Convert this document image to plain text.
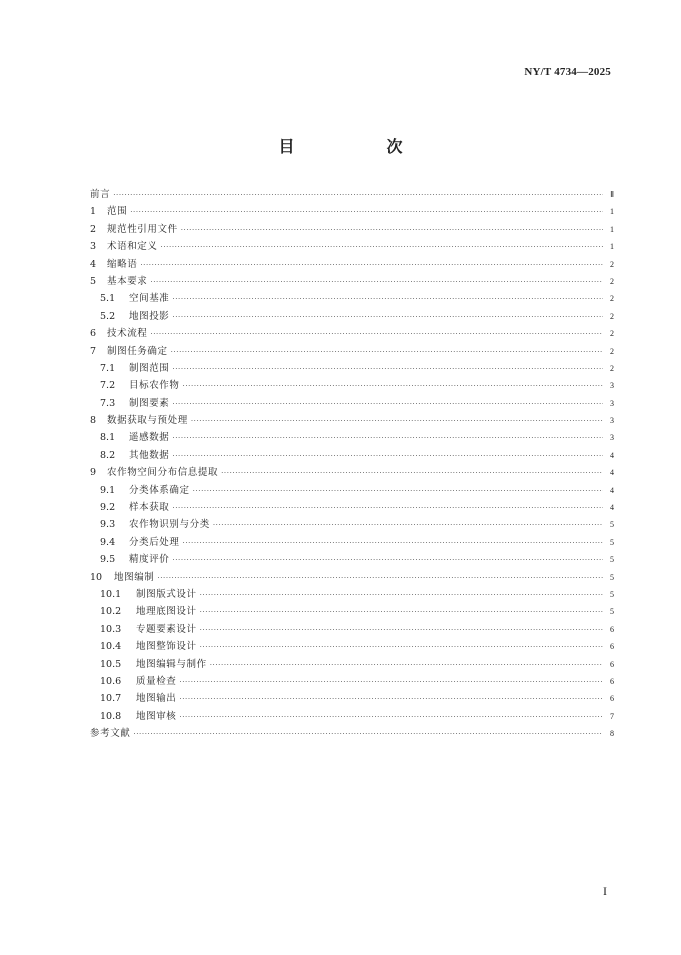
NY/T 4734—2025
目　次
前言 ·····	Ⅱ
1	范围 ·····	1
2	规范性引用文件 ·····	1
3	术语和定义 ·····	1
4	缩略语 ·····	2
5	基本要求 ·····	2
5.1	空间基准 ·····	2
5.2	地图投影 ·····	2
6	技术流程 ·····	2
7	制图任务确定 ·····	2
7.1	制图范围 ·····	2
7.2	目标农作物 ·····	3
7.3	制图要素 ·····	3
8	数据获取与预处理 ·····	3
8.1	遥感数据 ·····	3
8.2	其他数据 ·····	4
9	农作物空间分布信息提取 ·····	4
9.1	分类体系确定 ·····	4
9.2	样本获取 ·····	4
9.3	农作物识别与分类 ·····	5
9.4	分类后处理 ·····	5
9.5	精度评价 ·····	5
10	地图编制 ·····	5
10.1	制图版式设计 ·····	5
10.2	地理底图设计 ·····	5
10.3	专题要素设计 ·····	6
10.4	地图整饰设计 ·····	6
10.5	地图编辑与制作 ·····	6
10.6	质量检查 ·····	6
10.7	地图输出 ·····	6
10.8	地图审核 ·····	7
参考文献 ·····	8
I
